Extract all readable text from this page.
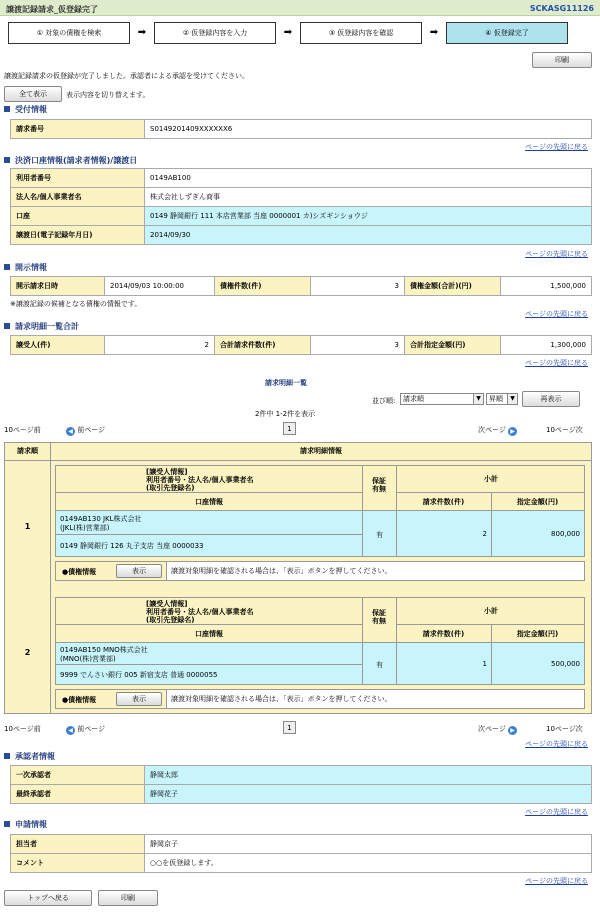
譲渡記録請求_仮登録完了	SCKASG11126
① 対象の債権を検索	➡	② 仮登録内容を入力	➡	③ 仮登録内容を確認	➡	④ 仮登録完了
印刷
譲渡記録請求の仮登録が完了しました。承認者による承認を受けてください。
全て表示	表示内容を切り替えます。
受付情報
請求番号	S0149201409XXXXXX6
ページの先頭に戻る
決済口座情報(請求者情報)/譲渡日
利用者番号	0149AB100
法人名/個人事業者名	株式会社しずぎん商事
口座	0149 静岡銀行 111 本店営業部 当座 0000001 カ)シズギンショウジ
譲渡日(電子記録年月日)	2014/09/30
ページの先頭に戻る
開示情報
開示請求日時	2014/09/03 10:00:00	債権件数(件)	3	債権金額(合計)(円)	1,500,000
※譲渡記録の候補となる債権の情報です。
ページの先頭に戻る
請求明細一覧合計
譲受人(件)	2	合計請求件数(件)	3	合計指定金額(円)	1,300,000
ページの先頭に戻る
請求明細一覧
並び順:	請求順	▼	昇順	▼	再表示
2件中 1-2件を表示
10ページ前	◀ 前ページ	1	次ページ ▶	10ページ次
請求順	請求明細情報
1
[譲受人情報]
利用者番号・法人名/個人事業者名
(取引先登録名)
保証
有無
小計
口座情報	請求件数(件)	指定金額(円)
0149AB130 JKL株式会社
(JKL(株)営業部)
0149 静岡銀行 126 丸子支店 当座 0000033
有	2	800,000
●債権情報	表示	譲渡対象明細を確認される場合は、「表示」ボタンを押してください。
2
[譲受人情報]
利用者番号・法人名/個人事業者名
(取引先登録名)
保証
有無
小計
口座情報	請求件数(件)	指定金額(円)
0149AB150 MNO株式会社
(MNO(株)営業部)
9999 でんさい銀行 005 新宿支店 普通 0000055
有	1	500,000
●債権情報	表示	譲渡対象明細を確認される場合は、「表示」ボタンを押してください。
10ページ前	◀ 前ページ	1	次ページ ▶	10ページ次
ページの先頭に戻る
承認者情報
一次承認者	静岡太郎
最終承認者	静岡花子
ページの先頭に戻る
申請情報
担当者	静岡京子
コメント	○○を仮登録します。
ページの先頭に戻る
トップへ戻る	印刷
